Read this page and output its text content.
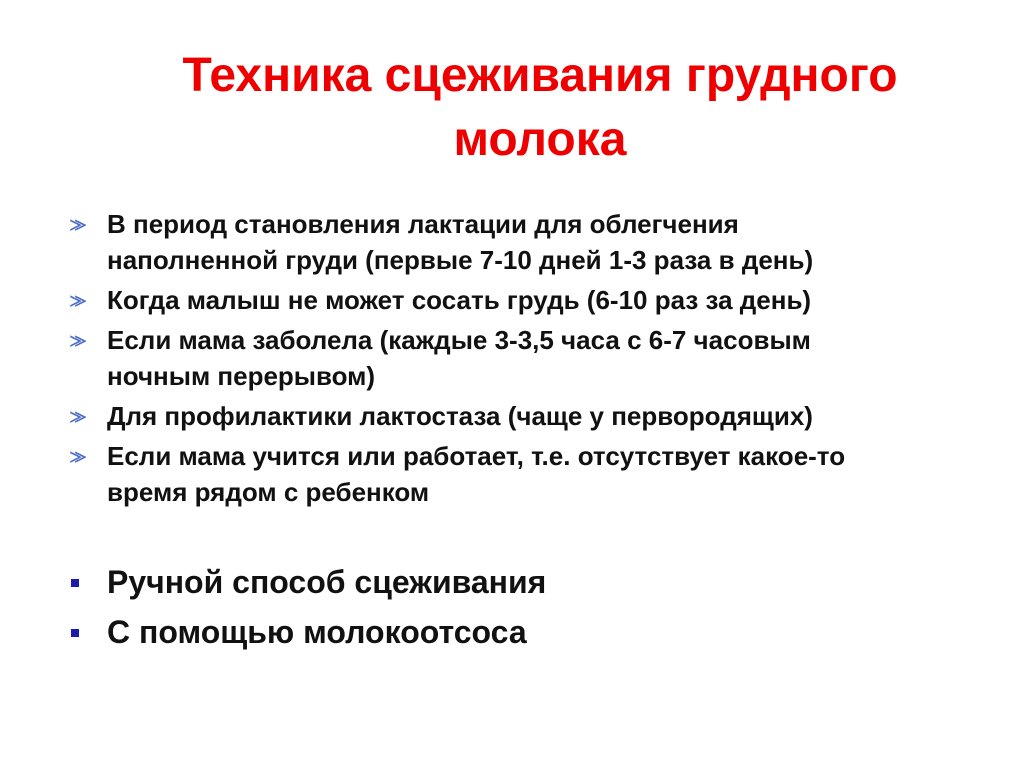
Техника сцеживания грудного
молока
⨠ В период становления лактации для облегчения
наполненной груди (первые 7-10 дней 1-3 раза в день)
⨠ Когда малыш не может сосать грудь (6-10 раз за день)
⨠ Если мама заболела (каждые 3-3,5 часа с 6-7 часовым
ночным перерывом)
⨠ Для профилактики лактостаза (чаще у первородящих)
⨠ Если мама учится или работает, т.е. отсутствует какое-то
время рядом с ребенком
Ручной способ сцеживания
С помощью молокоотсоса
